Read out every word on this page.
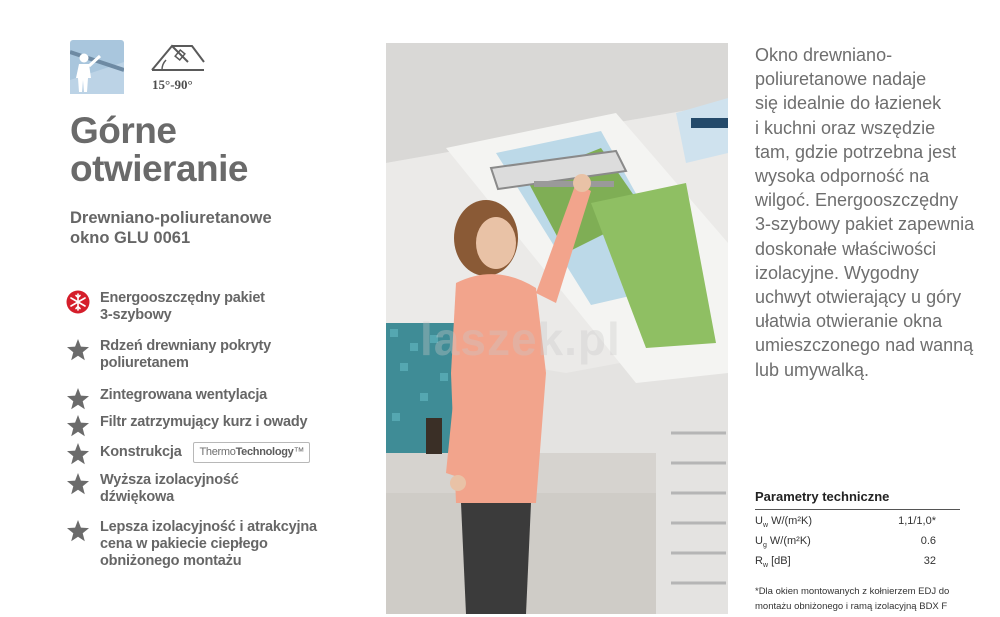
15°-90°
Górne
otwieranie
Drewniano-poliuretanowe
okno GLU 0061
Energooszczędny pakiet
3-szybowy
Rdzeń drewniany pokryty
poliuretanem
Zintegrowana wentylacja
Filtr zatrzymujący kurz i owady
Konstrukcja ThermoTechnology™
Wyższa izolacyjność
dźwiękowa
Lepsza izolacyjność i atrakcyjna
cena w pakiecie ciepłego
obniżonego montażu
laszek.pl
Okno drewniano-
poliuretanowe nadaje
się idealnie do łazienek
i kuchni oraz wszędzie
tam, gdzie potrzebna jest
wysoka odporność na
wilgoć. Energooszczędny
3-szybowy pakiet zapewnia
doskonałe właściwości
izolacyjne. Wygodny
uchwyt otwierający u góry
ułatwia otwieranie okna
umieszczonego nad wanną
lub umywalką.
Parametry techniczne
$U_w$ W/(m²K)	1,1/1,0*
$U_g$ W/(m²K)	0.6
$R_w$ [dB]	32
*Dla okien montowanych z kołnierzem EDJ do
montażu obniżonego i ramą izolacyjną BDX F
